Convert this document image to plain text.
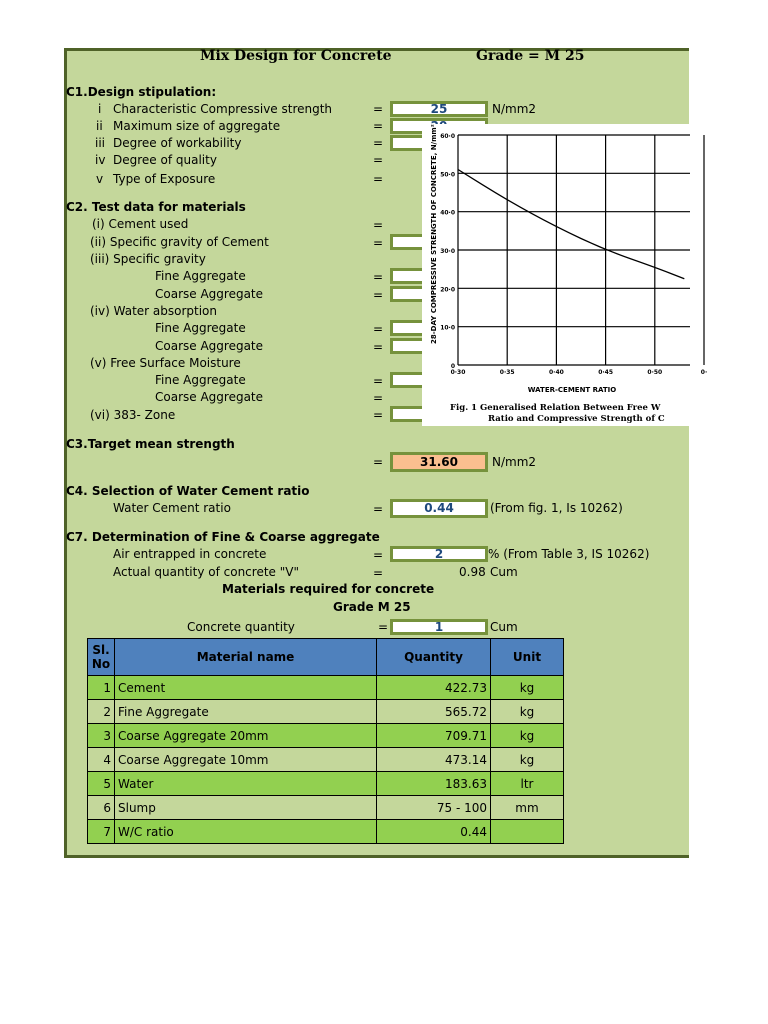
Mix Design for Concrete	Grade = M 25
C1.Design stipulation:
i Characteristic Compressive strength	=	25	N/mm2
ii Maximum size of aggregate	=
iii Degree of workability	=
iv Degree of quality	=
v Type of Exposure	=
C2. Test data for materials
(i) Cement used	=
(ii) Specific gravity of Cement	=
(iii) Specific gravity
Fine Aggregate	=
Coarse Aggregate	=
(iv) Water absorption
Fine Aggregate	=
Coarse Aggregate	=
(v) Free Surface Moisture
Fine Aggregate	=
Coarse Aggregate	=
(vi) 383- Zone	=
28-DAY COMPRESSIVE STRENGTH OF CONCRETE, N/mm²
0
10·0
20·0
30·0
40·0
50·0
60·0
0·30	0·35	0·40	0·45	0·50	0·
WATER-CEMENT RATIO
Fig. 1 Generalised Relation Between Free W
Ratio and Compressive Strength of C
C3.Target mean strength
=	31.60	N/mm2
C4. Selection of Water Cement ratio
Water Cement ratio	=	0.44	(From fig. 1, Is 10262)
C7. Determination of Fine & Coarse aggregate
Air entrapped in concrete	=	2	% (From Table 3, IS 10262)
Actual quantity of concrete "V"	=	0.98 Cum
Materials required for concrete
Grade M 25
Concrete quantity	=	1	Cum
Sl. No	Material name	Quantity	Unit
1	Cement	422.73	kg
2	Fine Aggregate	565.72	kg
3	Coarse Aggregate 20mm	709.71	kg
4	Coarse Aggregate 10mm	473.14	kg
5	Water	183.63	ltr
6	Slump	75 - 100	mm
7	W/C ratio	0.44	
